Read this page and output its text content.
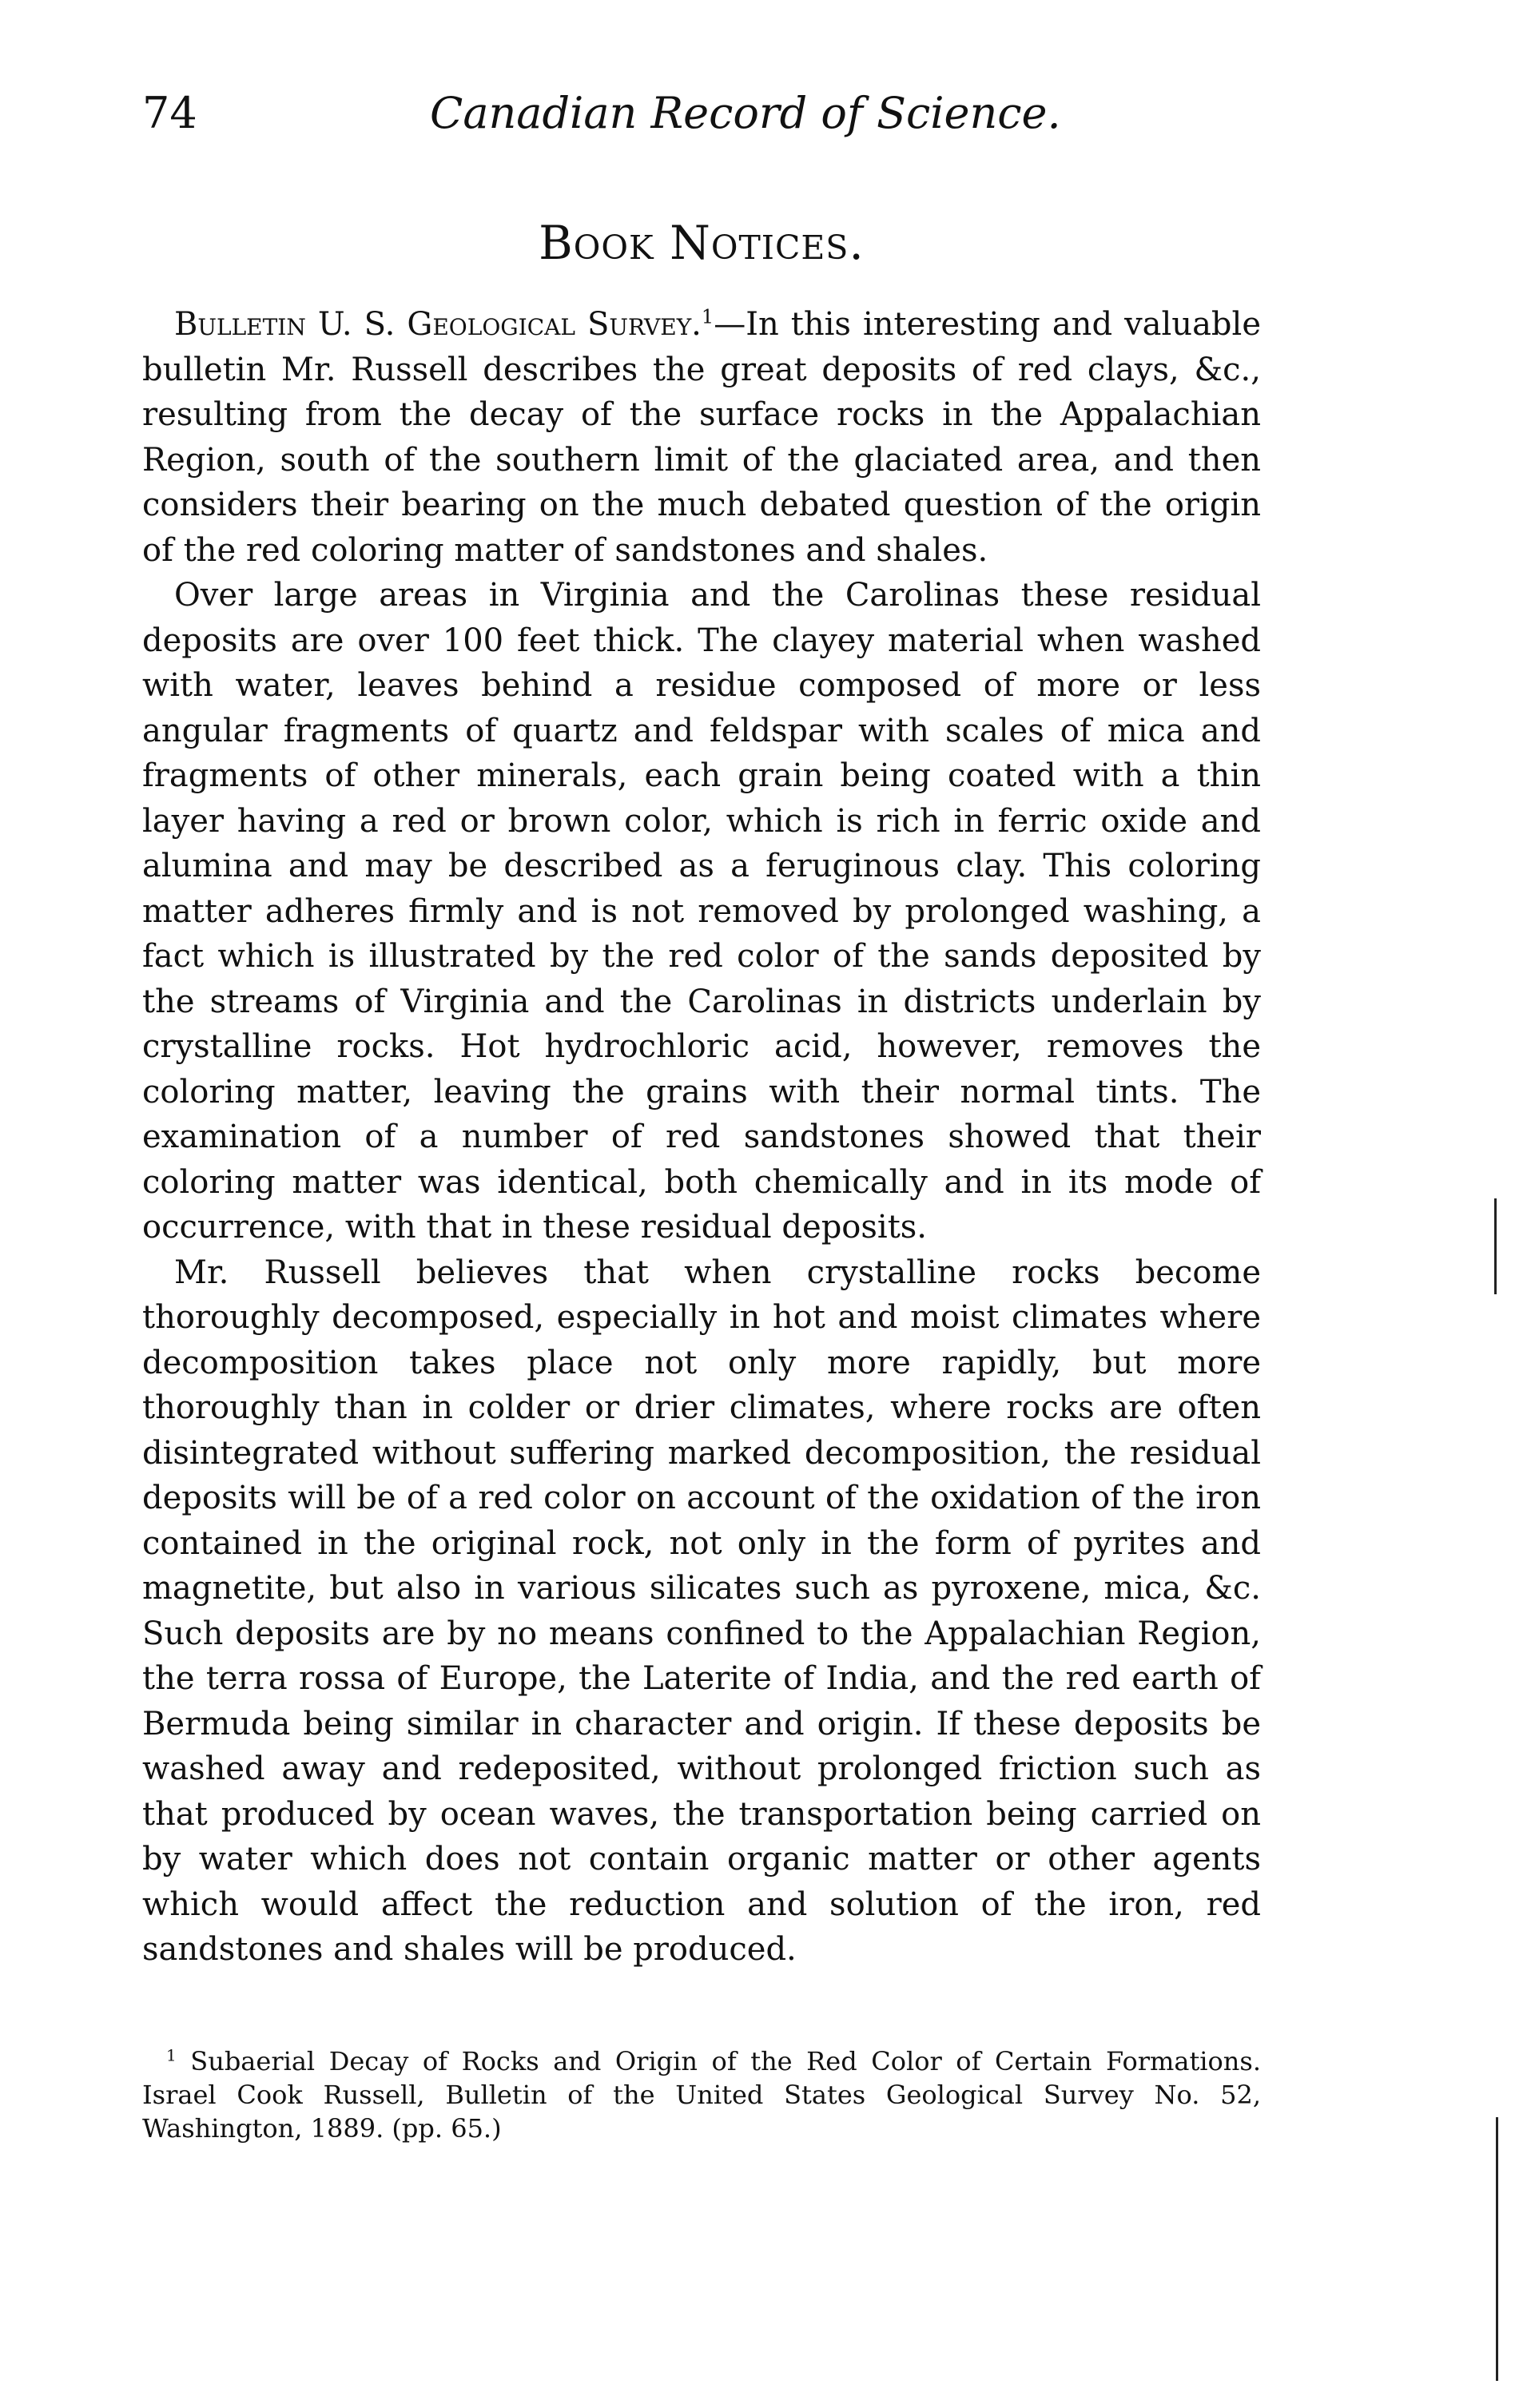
74	Canadian Record of Science.
Book Notices.

Bulletin U. S. Geological Survey.$^1$—In this interesting and valuable bulletin Mr. Russell describes the great deposits of red clays, &c., resulting from the decay of the surface rocks in the Appalachian Region, south of the southern limit of the glaciated area, and then considers their bearing on the much debated question of the origin of the red coloring matter of sandstones and shales.

Over large areas in Virginia and the Carolinas these residual deposits are over 100 feet thick. The clayey material when washed with water, leaves behind a residue composed of more or less angular fragments of quartz and feldspar with scales of mica and fragments of other minerals, each grain being coated with a thin layer having a red or brown color, which is rich in ferric oxide and alumina and may be described as a feruginous clay. This coloring matter adheres firmly and is not removed by prolonged washing, a fact which is illustrated by the red color of the sands deposited by the streams of Virginia and the Carolinas in districts underlain by crystalline rocks. Hot hydrochloric acid, however, removes the coloring matter, leaving the grains with their normal tints. The examination of a number of red sandstones showed that their coloring matter was identical, both chemically and in its mode of occurrence, with that in these residual deposits.

Mr. Russell believes that when crystalline rocks become thoroughly decomposed, especially in hot and moist climates where decomposition takes place not only more rapidly, but more thoroughly than in colder or drier climates, where rocks are often disintegrated without suffering marked decomposition, the residual deposits will be of a red color on account of the oxidation of the iron contained in the original rock, not only in the form of pyrites and magnetite, but also in various silicates such as pyroxene, mica, &c. Such deposits are by no means confined to the Appalachian Region, the terra rossa of Europe, the Laterite of India, and the red earth of Bermuda being similar in character and origin. If these deposits be washed away and redeposited, without prolonged friction such as that produced by ocean waves, the transportation being carried on by water which does not contain organic matter or other agents which would affect the reduction and solution of the iron, red sandstones and shales will be produced.

$^1$ Subaerial Decay of Rocks and Origin of the Red Color of Certain Formations. Israel Cook Russell, Bulletin of the United States Geological Survey No. 52, Washington, 1889. (pp. 65.)
